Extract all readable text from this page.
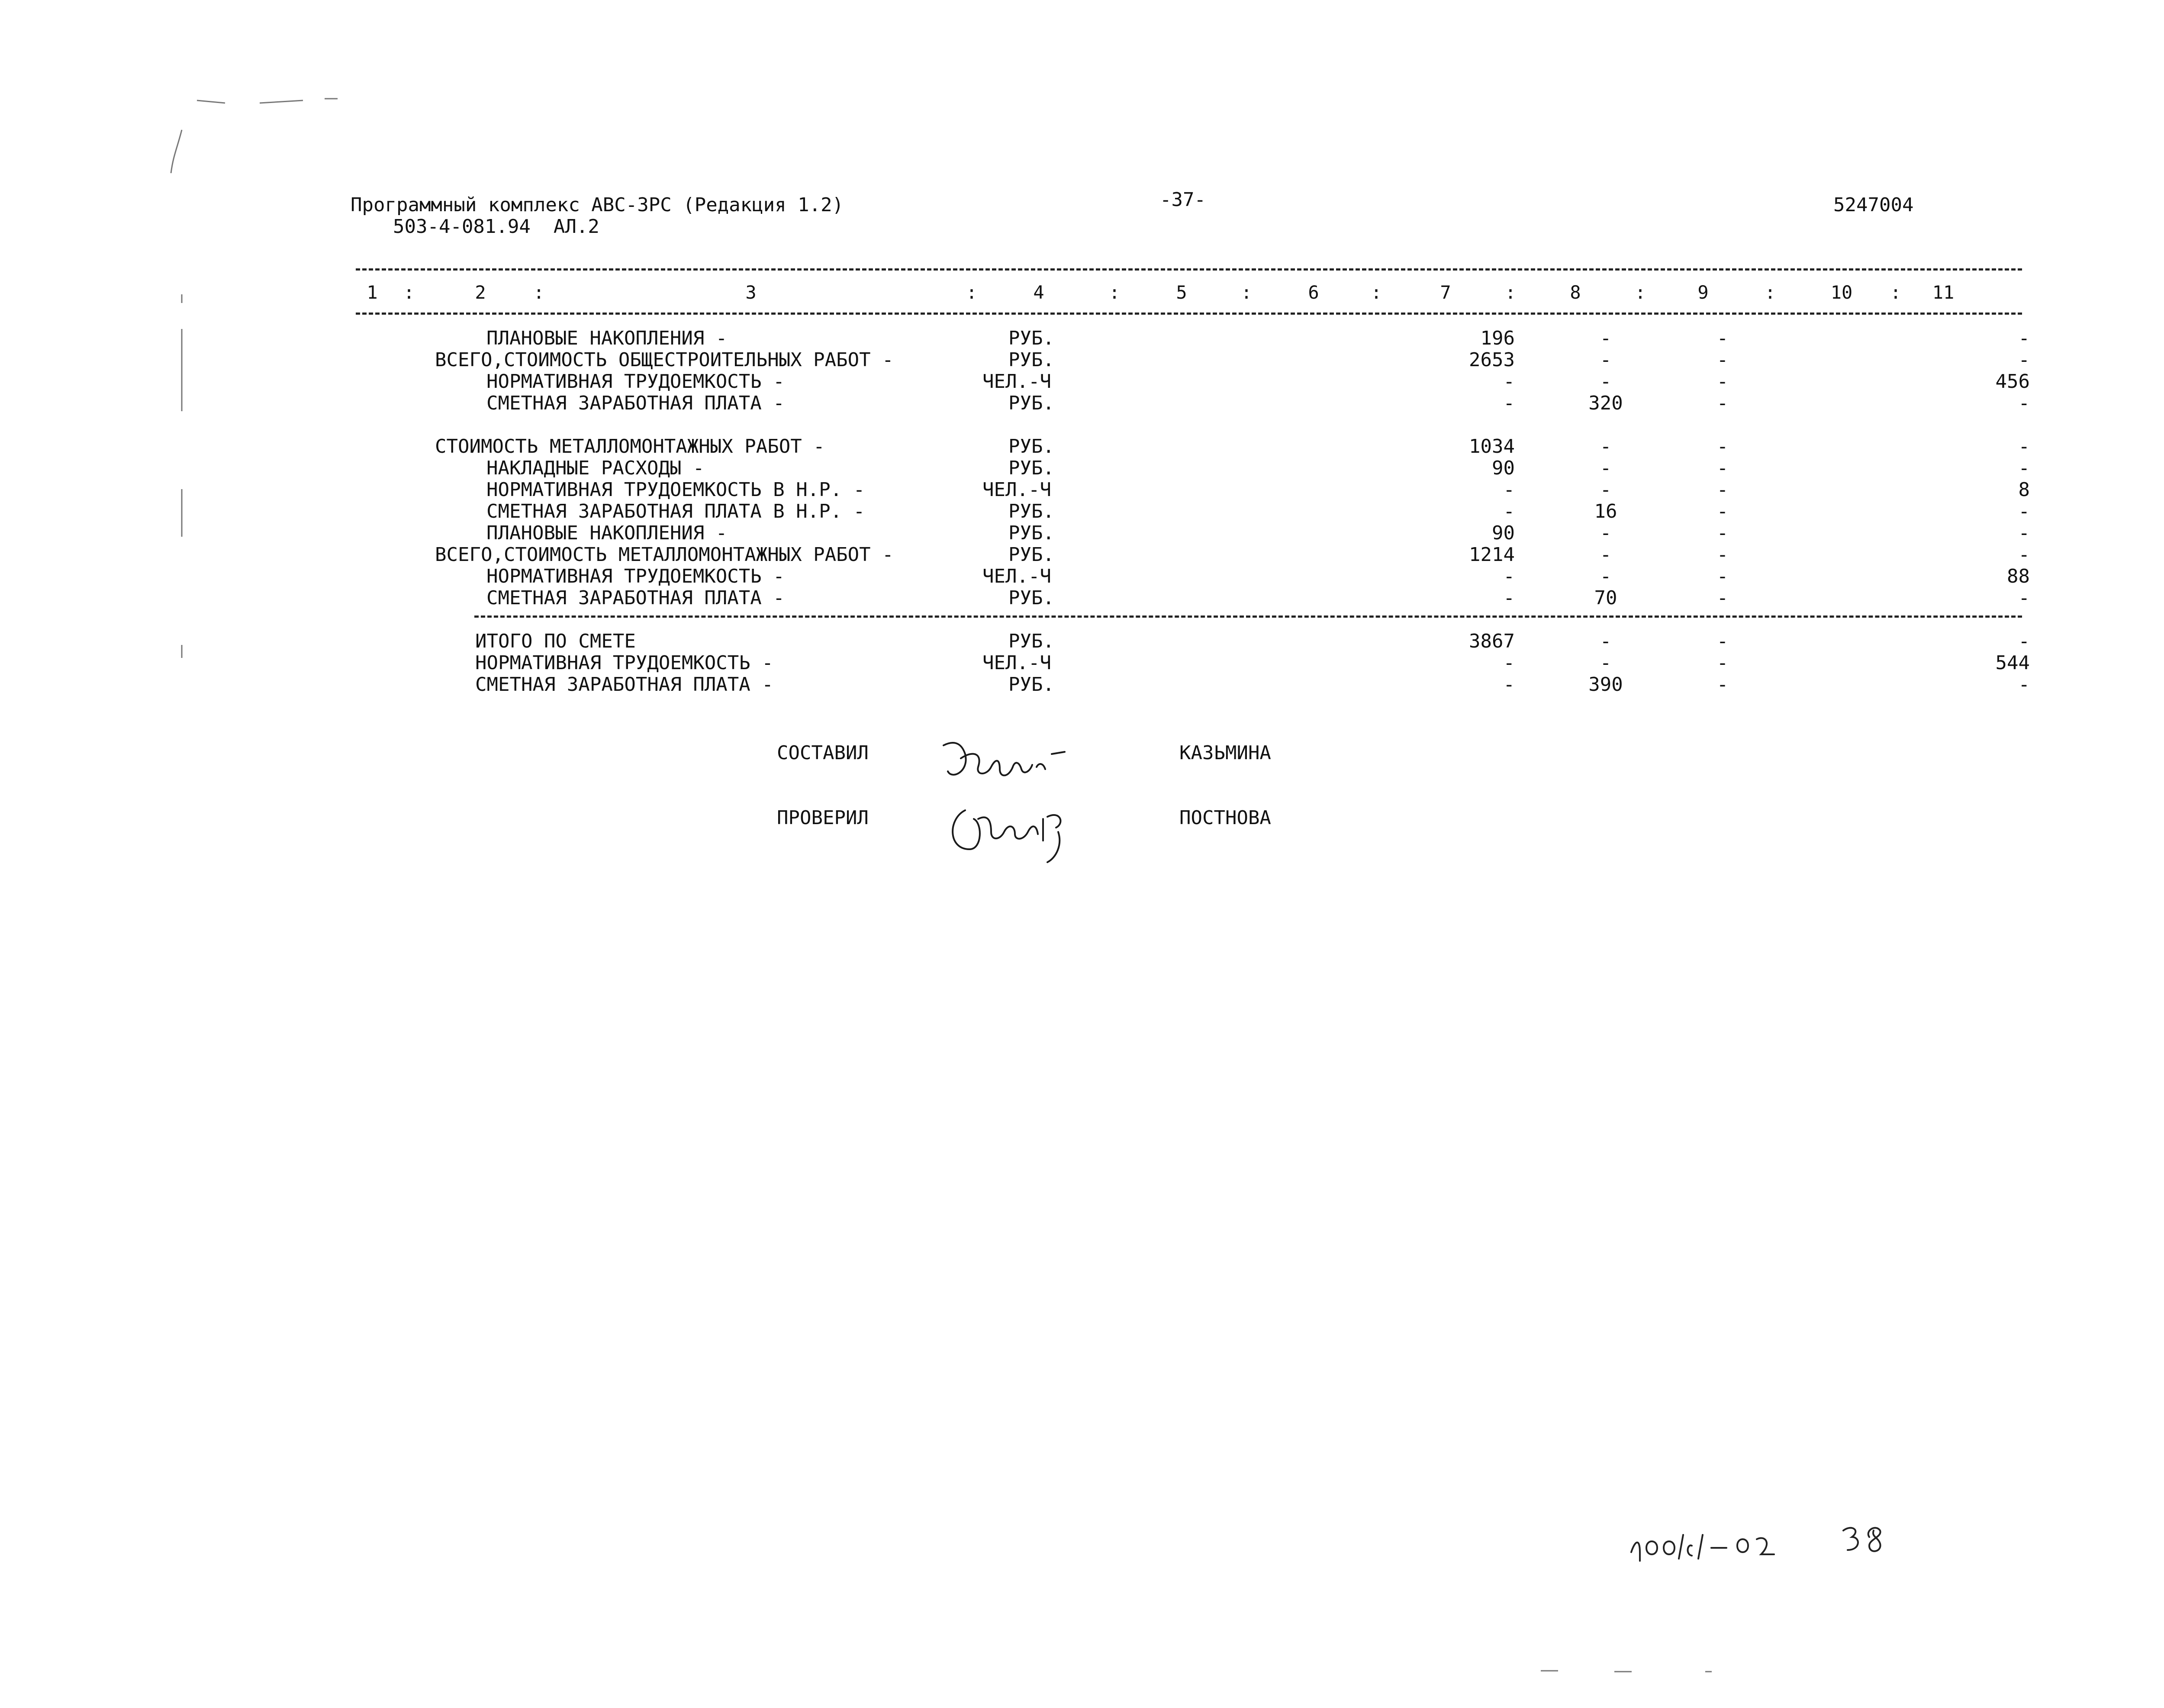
Программный комплекс АВС-3РС (Редакция 1.2)
503-4-081.94  АЛ.2
-37-	5247004
1	:	2	:	3	:	4	:	5	:	6	:	7	:	8	:	9	:	10	:	11
ПЛАНОВЫЕ НАКОПЛЕНИЯ -	РУБ.	196	-	-	-
ВСЕГО,СТОИМОСТЬ ОБЩЕСТРОИТЕЛЬНЫХ РАБОТ -	РУБ.	2653	-	-	-
НОРМАТИВНАЯ ТРУДОЕМКОСТЬ -	ЧЕЛ.-Ч	-	-	-	456
СМЕТНАЯ ЗАРАБОТНАЯ ПЛАТА -	РУБ.	-	320	-	-
СТОИМОСТЬ МЕТАЛЛОМОНТАЖНЫХ РАБОТ -	РУБ.	1034	-	-	-
НАКЛАДНЫЕ РАСХОДЫ -	РУБ.	90	-	-	-
НОРМАТИВНАЯ ТРУДОЕМКОСТЬ В Н.Р. -	ЧЕЛ.-Ч	-	-	-	8
СМЕТНАЯ ЗАРАБОТНАЯ ПЛАТА В Н.Р. -	РУБ.	-	16	-	-
ПЛАНОВЫЕ НАКОПЛЕНИЯ -	РУБ.	90	-	-	-
ВСЕГО,СТОИМОСТЬ МЕТАЛЛОМОНТАЖНЫХ РАБОТ -	РУБ.	1214	-	-	-
НОРМАТИВНАЯ ТРУДОЕМКОСТЬ -	ЧЕЛ.-Ч	-	-	-	88
СМЕТНАЯ ЗАРАБОТНАЯ ПЛАТА -	РУБ.	-	70	-	-
ИТОГО ПО СМЕТЕ	РУБ.	3867	-	-	-
НОРМАТИВНАЯ ТРУДОЕМКОСТЬ -	ЧЕЛ.-Ч	-	-	-	544
СМЕТНАЯ ЗАРАБОТНАЯ ПЛАТА -	РУБ.	-	390	-	-
СОСТАВИЛ	КАЗЬМИНА
ПРОВЕРИЛ	ПОСТНОВА
